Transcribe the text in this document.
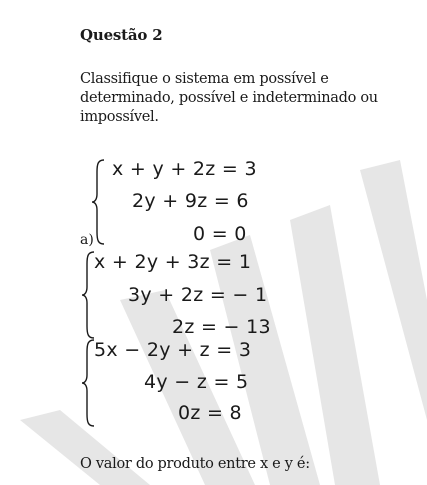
Questão 2
Classifique o sistema em possível e
determinado, possível e indeterminado ou
impossível.
x + y + 2z = 3
2y + 9z = 6
0 = 0
a)
x + 2y + 3z = 1
3y + 2z = − 1
2z = − 13
5x − 2y + z = 3
4y − z = 5
0z = 8
O valor do produto entre x e y é:
